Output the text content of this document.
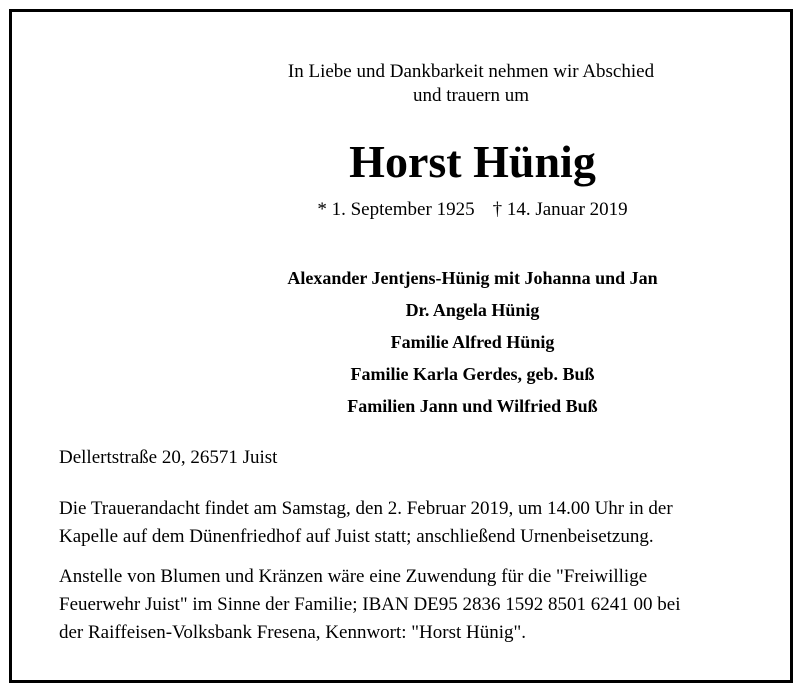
In Liebe und Dankbarkeit nehmen wir Abschied
und trauern um
Horst Hünig
* 1. September 1925 † 14. Januar 2019
Alexander Jentjens-Hünig mit Johanna und Jan
Dr. Angela Hünig
Familie Alfred Hünig
Familie Karla Gerdes, geb. Buß
Familien Jann und Wilfried Buß
Dellertstraße 20, 26571 Juist
Die Trauerandacht findet am Samstag, den 2. Februar 2019, um 14.00 Uhr in der
Kapelle auf dem Dünenfriedhof auf Juist statt; anschließend Urnenbeisetzung.
Anstelle von Blumen und Kränzen wäre eine Zuwendung für die "Freiwillige
Feuerwehr Juist" im Sinne der Familie; IBAN DE95 2836 1592 8501 6241 00 bei
der Raiffeisen-Volksbank Fresena, Kennwort: "Horst Hünig".
